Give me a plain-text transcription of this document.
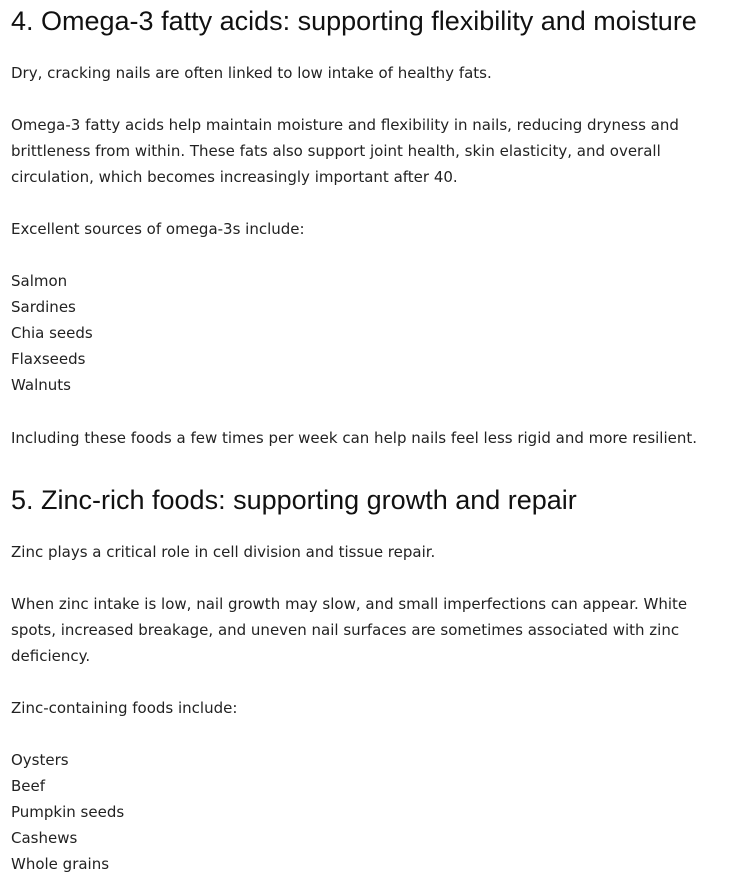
4. Omega-3 fatty acids: supporting flexibility and moisture

Dry, cracking nails are often linked to low intake of healthy fats.

Omega-3 fatty acids help maintain moisture and flexibility in nails, reducing dryness and brittleness from within. These fats also support joint health, skin elasticity, and overall circulation, which becomes increasingly important after 40.

Excellent sources of omega-3s include:

Salmon
Sardines
Chia seeds
Flaxseeds
Walnuts

Including these foods a few times per week can help nails feel less rigid and more resilient.

5. Zinc-rich foods: supporting growth and repair

Zinc plays a critical role in cell division and tissue repair.

When zinc intake is low, nail growth may slow, and small imperfections can appear. White spots, increased breakage, and uneven nail surfaces are sometimes associated with zinc deficiency.

Zinc-containing foods include:

Oysters
Beef
Pumpkin seeds
Cashews
Whole grains
